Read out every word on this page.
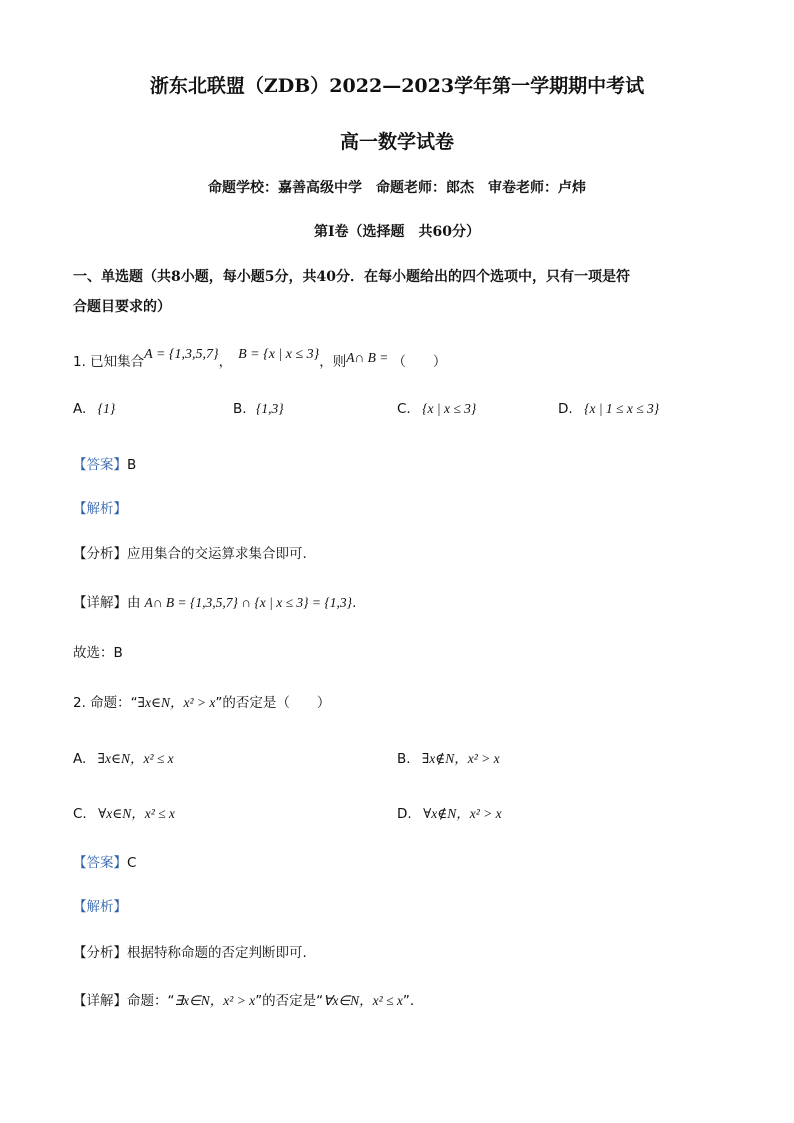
浙东北联盟（ZDB）2022—2023学年第一学期期中考试
高一数学试卷
命题学校：嘉善高级中学　命题老师：郎杰　审卷老师：卢炜
第Ⅰ卷（选择题　共60分）
一、单选题（共8小题，每小题5分，共40分．在每小题给出的四个选项中，只有一项是符
合题目要求的）
1. 已知集合A = {1,3,5,7}， B = {x | x ≤ 3}，则A∩ B = （　　）
A. {1}	B. {1,3}	C. {x | x ≤ 3}	D. {x | 1 ≤ x ≤ 3}
【答案】B
【解析】
【分析】应用集合的交运算求集合即可.
【详解】由 A∩ B = {1,3,5,7} ∩ {x | x ≤ 3} = {1,3}.
故选：B
2. 命题：“∃x∈N，x² > x”的否定是（　　）
A. ∃x∈N，x² ≤ x	B. ∃x∉N，x² > x
C. ∀x∈N，x² ≤ x	D. ∀x∉N，x² > x
【答案】C
【解析】
【分析】根据特称命题的否定判断即可.
【详解】命题：“∃x∈N，x² > x”的否定是“∀x∈N，x² ≤ x”．
